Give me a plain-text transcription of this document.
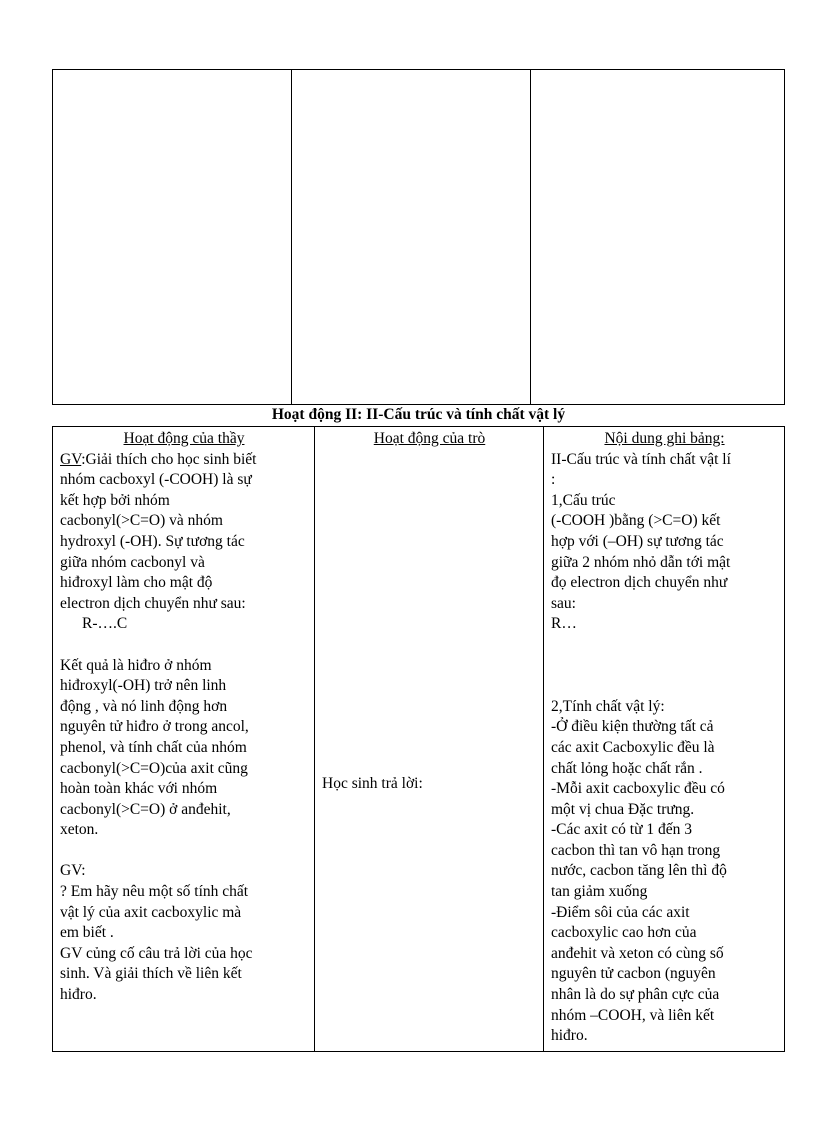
Hoạt động II: II-Cấu trúc và tính chất vật lý
Hoạt động của thầy
GV:Giải thích cho học sinh biết
nhóm cacboxyl (-COOH) là sự
kết hợp bởi nhóm
cacbonyl(>C=O) và nhóm
hydroxyl (-OH). Sự tương tác
giữa nhóm cacbonyl và
hiđroxyl làm cho mật độ
electron dịch chuyển như sau:
R-….C
Kết quả là hiđro ở nhóm
hiđroxyl(-OH) trở nên linh
động , và nó linh động hơn
nguyên tử hiđro ở trong ancol,
phenol, và tính chất của nhóm
cacbonyl(>C=O)của axit cũng
hoàn toàn khác với nhóm
cacbonyl(>C=O) ở anđehit,
xeton.
GV:
? Em hãy nêu một số tính chất
vật lý của axit cacboxylic mà
em biết .
GV củng cố câu trả lời của học
sinh. Và giải thích về liên kết
hiđro.
Hoạt động của trò
Học sinh trả lời:
Nội dung ghi bảng:
II-Cấu trúc và tính chất vật lí
:
1,Cấu trúc
(-COOH )bằng (>C=O) kết
hợp với (–OH) sự tương tác
giữa 2 nhóm nhỏ dẫn tới mật
đọ electron dịch chuyển như
sau:
R…
2,Tính chất vật lý:
-Ở điều kiện thường tất cả
các axit Cacboxylic đều là
chất lỏng hoặc chất rắn .
-Mỗi axit cacboxylic đều có
một vị chua Đặc trưng.
-Các axit có từ 1 đến 3
cacbon thì tan vô hạn trong
nước, cacbon tăng lên thì độ
tan giảm xuống
-Điểm sôi của các axit
cacboxylic cao hơn của
anđehit và xeton có cùng số
nguyên tử cacbon (nguyên
nhân là do sự phân cực của
nhóm –COOH, và liên kết
hiđro.
